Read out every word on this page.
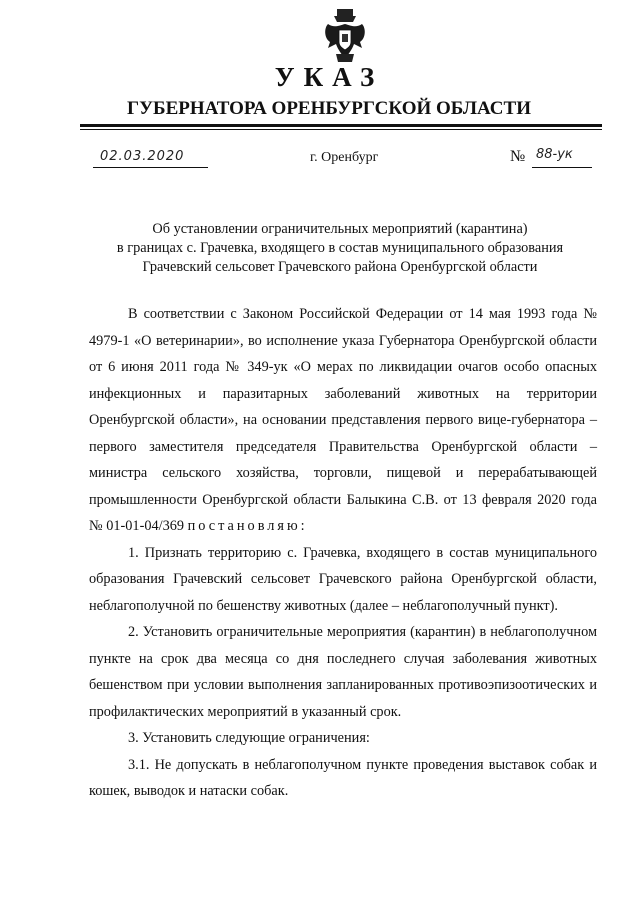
УКАЗ
ГУБЕРНАТОРА ОРЕНБУРГСКОЙ ОБЛАСТИ
02.03.2020	г. Оренбург	№ 88-ук
Об установлении ограничительных мероприятий (карантина)
в границах с. Грачевка, входящего в состав муниципального образования
Грачевский сельсовет Грачевского района Оренбургской области

В соответствии с Законом Российской Федерации от 14 мая 1993 года № 4979-1 «О ветеринарии», во исполнение указа Губернатора Оренбургской области от 6 июня 2011 года № 349-ук «О мерах по ликвидации очагов особо опасных инфекционных и паразитарных заболеваний животных на территории Оренбургской области», на основании представления первого вице-губернатора – первого заместителя председателя Правительства Оренбургской области – министра сельского хозяйства, торговли, пищевой и перерабатывающей промышленности Оренбургской области Балыкина С.В. от 13 февраля 2020 года № 01-01-04/369 постановляю:

1. Признать территорию с. Грачевка, входящего в состав муниципального образования Грачевский сельсовет Грачевского района Оренбургской области, неблагополучной по бешенству животных (далее – неблагополучный пункт).

2. Установить ограничительные мероприятия (карантин) в неблагополучном пункте на срок два месяца со дня последнего случая заболевания животных бешенством при условии выполнения запланированных противоэпизоотических и профилактических мероприятий в указанный срок.

3. Установить следующие ограничения:

3.1. Не допускать в неблагополучном пункте проведения выставок собак и кошек, выводок и натаски собак.
